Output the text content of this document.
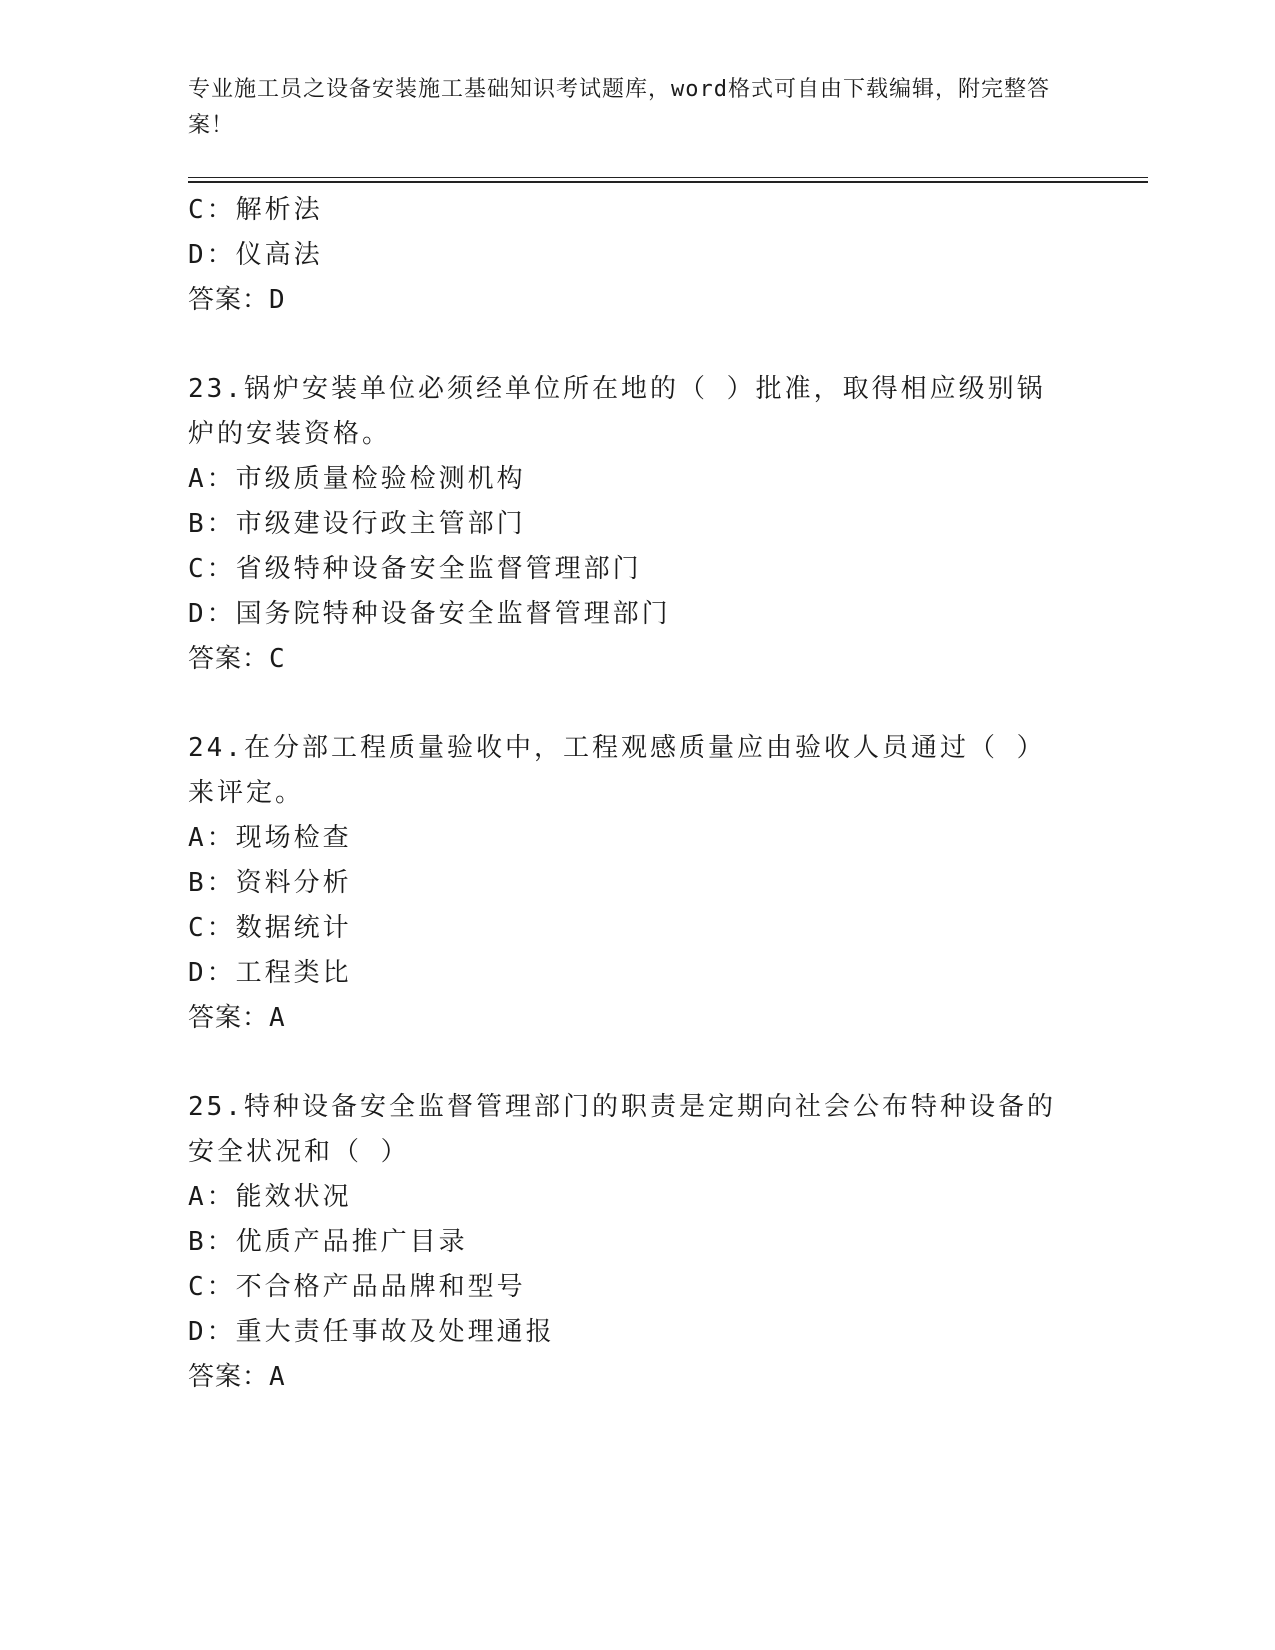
专业施工员之设备安装施工基础知识考试题库，word格式可自由下载编辑，附完整答案！
C：解析法
D：仪高法
答案：D
23.锅炉安装单位必须经单位所在地的（ ）批准，取得相应级别锅炉的安装资格。
A：市级质量检验检测机构
B：市级建设行政主管部门
C：省级特种设备安全监督管理部门
D：国务院特种设备安全监督管理部门
答案：C
24.在分部工程质量验收中，工程观感质量应由验收人员通过（ ）来评定。
A：现场检查
B：资料分析
C：数据统计
D：工程类比
答案：A
25.特种设备安全监督管理部门的职责是定期向社会公布特种设备的安全状况和（ ）
A：能效状况
B：优质产品推广目录
C：不合格产品品牌和型号
D：重大责任事故及处理通报
答案：A
